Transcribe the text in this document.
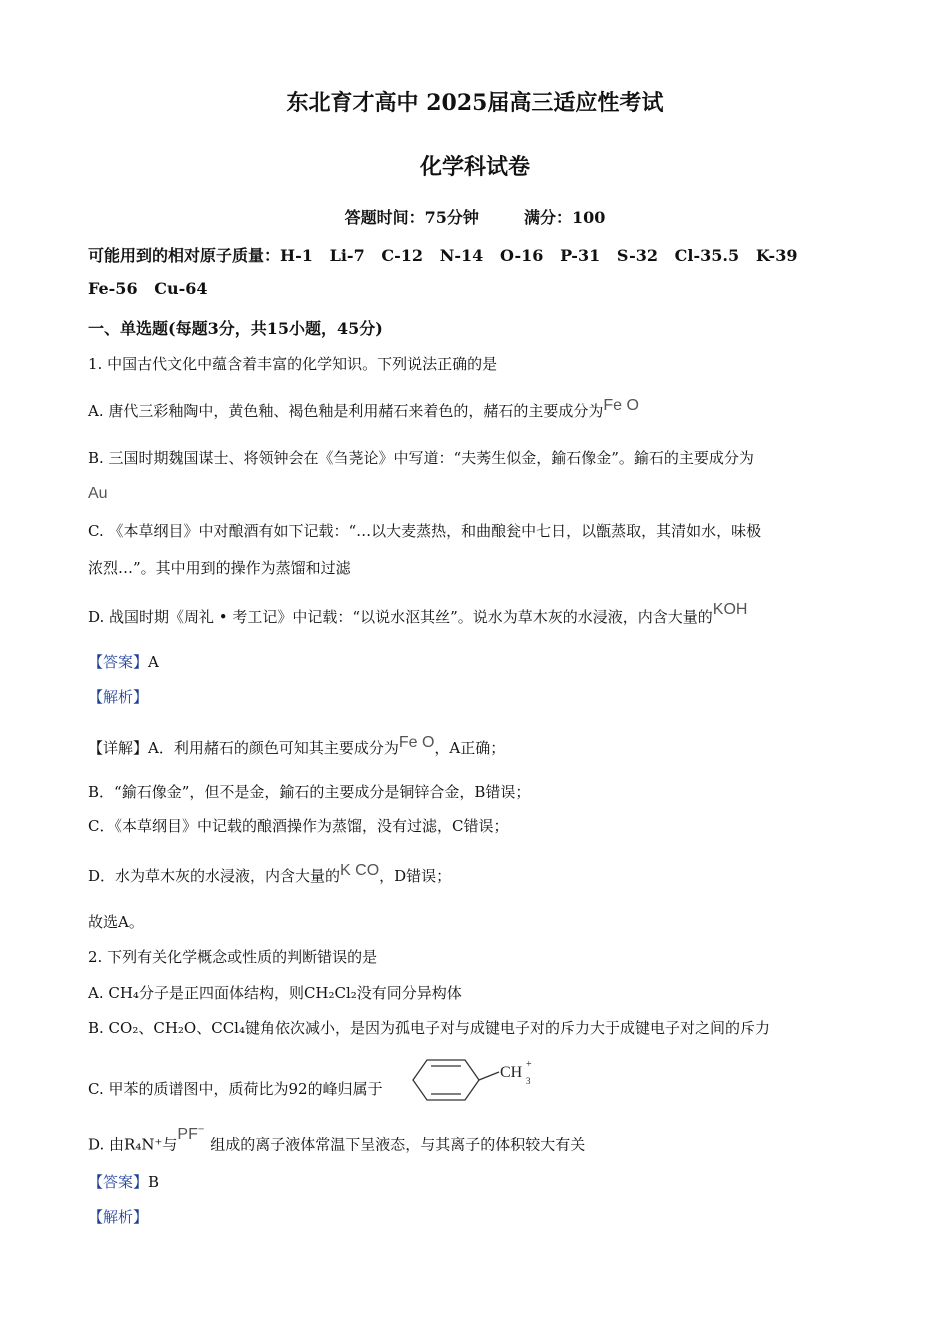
东北育才高中 2025届高三适应性考试
化学科试卷
答题时间：75分钟	满分：100
可能用到的相对原子质量：H-1   Li-7   C-12   N-14   O-16   P-31   S-32   Cl-35.5   K-39
Fe-56   Cu-64
一、单选题(每题3分，共15小题，45分)
1. 中国古代文化中蕴含着丰富的化学知识。下列说法正确的是
A. 唐代三彩釉陶中，黄色釉、褐色釉是利用赭石来着色的，赭石的主要成分为Fe O
B. 三国时期魏国谋士、将领钟会在《刍荛论》中写道：“夫莠生似金，鍮石像金”。鍮石的主要成分为
Au
C. 《本草纲目》中对酿酒有如下记载：“…以大麦蒸热，和曲酿瓮中七日，以甑蒸取，其清如水，味极
浓烈…”。其中用到的操作为蒸馏和过滤
D. 战国时期《周礼 • 考工记》中记载：“以说水沤其丝”。说水为草木灰的水浸液，内含大量的KOH
【答案】A
【解析】
【详解】A．利用赭石的颜色可知其主要成分为Fe O，A正确；
B．“鍮石像金”，但不是金，鍮石的主要成分是铜锌合金，B错误；
C．《本草纲目》中记载的酿酒操作为蒸馏，没有过滤，C错误；
D．水为草木灰的水浸液，内含大量的K CO，D错误；
故选A。
2. 下列有关化学概念或性质的判断错误的是
A. CH₄分子是正四面体结构，则CH₂Cl₂没有同分异构体
B. CO₂、CH₂O、CCl₄键角依次减小，是因为孤电子对与成键电子对的斥力大于成键电子对之间的斥力
C. 甲苯的质谱图中，质荷比为92的峰归属于
CH 3
+
D. 由R₄N⁺与PF−组成的离子液体常温下呈液态，与其离子的体积较大有关
【答案】B
【解析】
